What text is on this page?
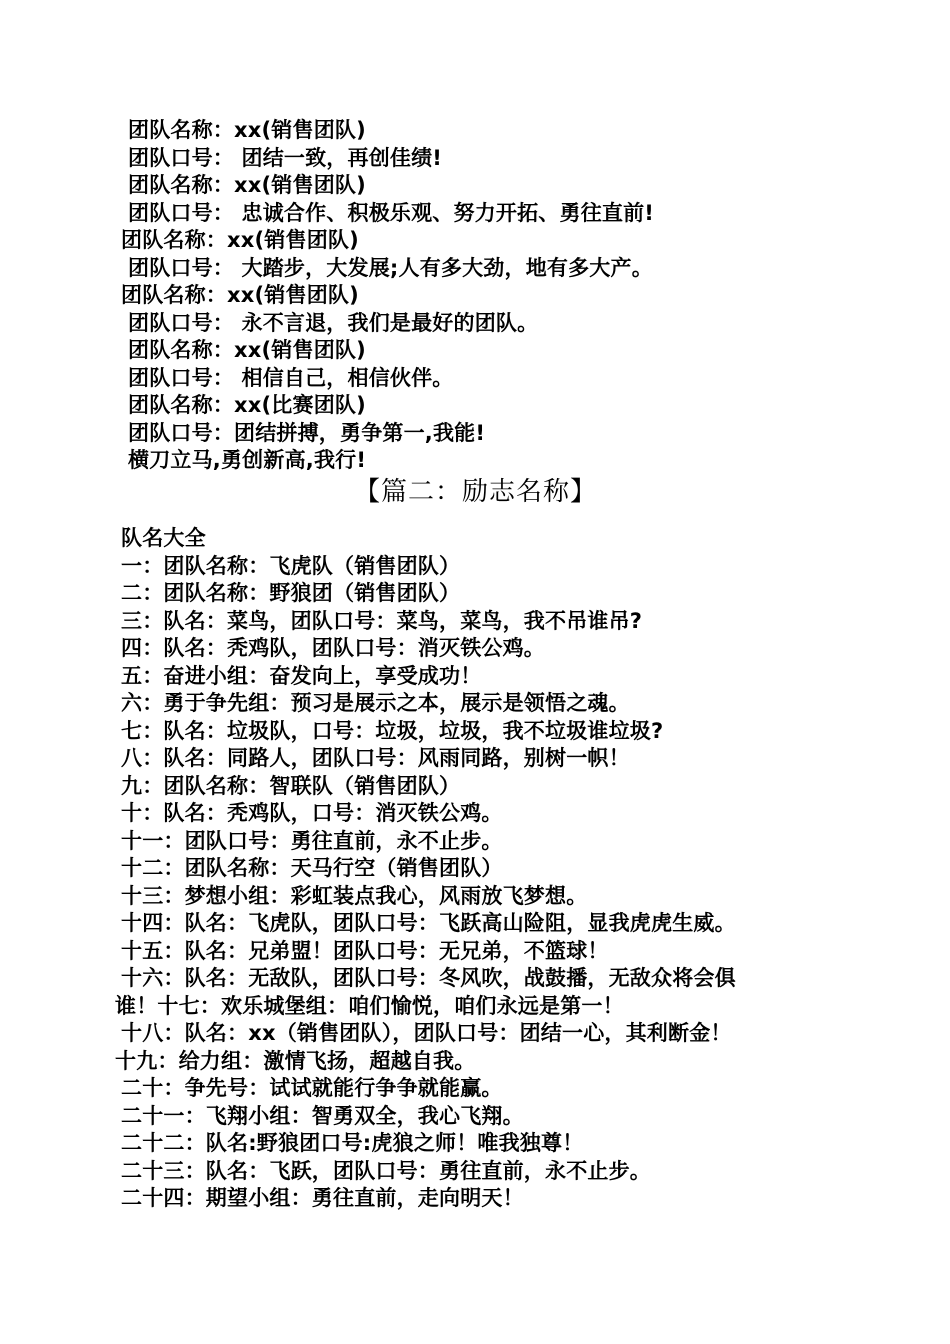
团队名称：xx(销售团队)
团队口号： 团结一致，再创佳绩!
团队名称：xx(销售团队)
团队口号： 忠诚合作、积极乐观、努力开拓、勇往直前!
团队名称：xx(销售团队)
团队口号： 大踏步，大发展;人有多大劲，地有多大产。
团队名称：xx(销售团队)
团队口号： 永不言退，我们是最好的团队。
团队名称：xx(销售团队)
团队口号： 相信自己，相信伙伴。
团队名称：xx(比赛团队)
团队口号：团结拼搏，勇争第一,我能!
横刀立马,勇创新高,我行!
【篇二：励志名称】
队名大全
一：团队名称：飞虎队（销售团队）
二：团队名称：野狼团（销售团队）
三：队名：菜鸟，团队口号：菜鸟，菜鸟，我不吊谁吊?
四：队名：秃鸡队，团队口号：消灭铁公鸡。
五：奋进小组：奋发向上，享受成功！
六：勇于争先组：预习是展示之本，展示是领悟之魂。
七：队名：垃圾队，口号：垃圾，垃圾，我不垃圾谁垃圾?
八：队名：同路人，团队口号：风雨同路，别树一帜！
九：团队名称：智联队（销售团队）
十：队名：秃鸡队，口号：消灭铁公鸡。
十一：团队口号：勇往直前，永不止步。
十二：团队名称：天马行空（销售团队）
十三：梦想小组：彩虹装点我心，风雨放飞梦想。
十四：队名：飞虎队，团队口号：飞跃高山险阻，显我虎虎生威。
十五：队名：兄弟盟！团队口号：无兄弟，不篮球！
十六：队名：无敌队，团队口号：冬风吹，战鼓播，无敌众将会俱
谁！十七：欢乐城堡组：咱们愉悦，咱们永远是第一！
十八：队名：xx（销售团队），团队口号：团结一心，其利断金！
十九：给力组：激情飞扬，超越自我。
二十：争先号：试试就能行争争就能赢。
二十一：飞翔小组：智勇双全，我心飞翔。
二十二：队名:野狼团口号:虎狼之师！唯我独尊！
二十三：队名：飞跃，团队口号：勇往直前，永不止步。
二十四：期望小组：勇往直前，走向明天！
